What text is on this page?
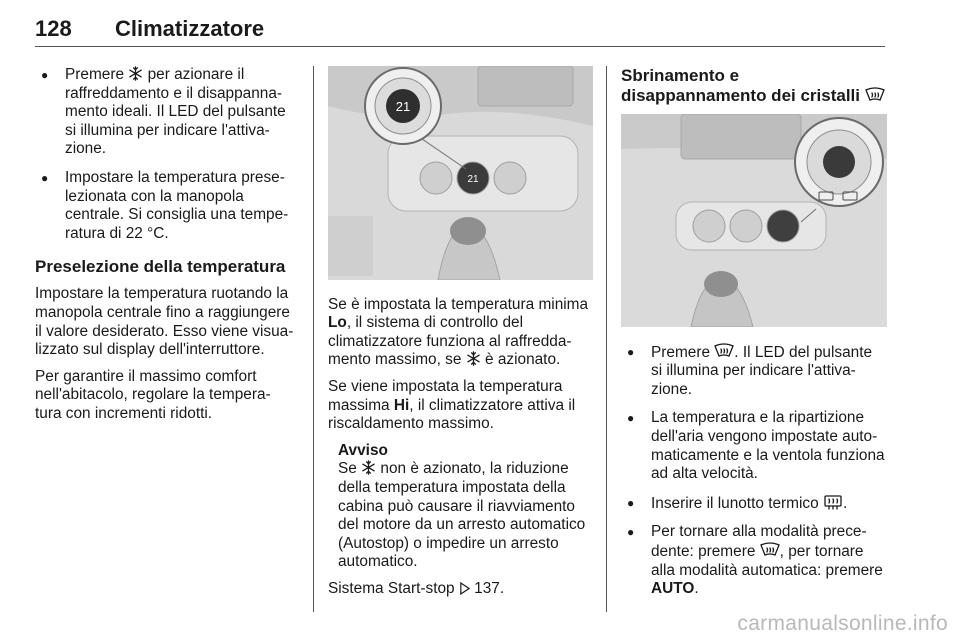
128 Climatizzatore
● Premere  per azionare il raffreddamento e il disappanna-mento ideali. Il LED del pulsante si illumina per indicare l'attiva-zione.
● Impostare la temperatura prese-lezionata con la manopola centrale. Si consiglia una tempe-ratura di 22 °C.
Preselezione della temperatura

Impostare la temperatura ruotando la manopola centrale fino a raggiungere il valore desiderato. Esso viene visua-lizzato sul display dell'interruttore.

Per garantire il massimo comfort nell'abitacolo, regolare la tempera-tura con incrementi ridotti.

21
21

Se è impostata la temperatura minima Lo, il sistema di controllo del climatizzatore funziona al raffredda-mento massimo, se  è azionato.

Se viene impostata la temperatura massima Hi, il climatizzatore attiva il riscaldamento massimo.

Avviso

Se  non è azionato, la riduzione della temperatura impostata della cabina può causare il riavviamento del motore da un arresto automatico (Autostop) o impedire un arresto automatico.

Sistema Start-stop  137.

Sbrinamento e disappannamento dei cristalli
● Premere . Il LED del pulsante si illumina per indicare l'attiva-zione.
● La temperatura e la ripartizione dell'aria vengono impostate auto-maticamente e la ventola funziona ad alta velocità.
● Inserire il lunotto termico .
● Per tornare alla modalità prece-dente: premere , per tornare alla modalità automatica: premere AUTO.
carmanualsonline.info
